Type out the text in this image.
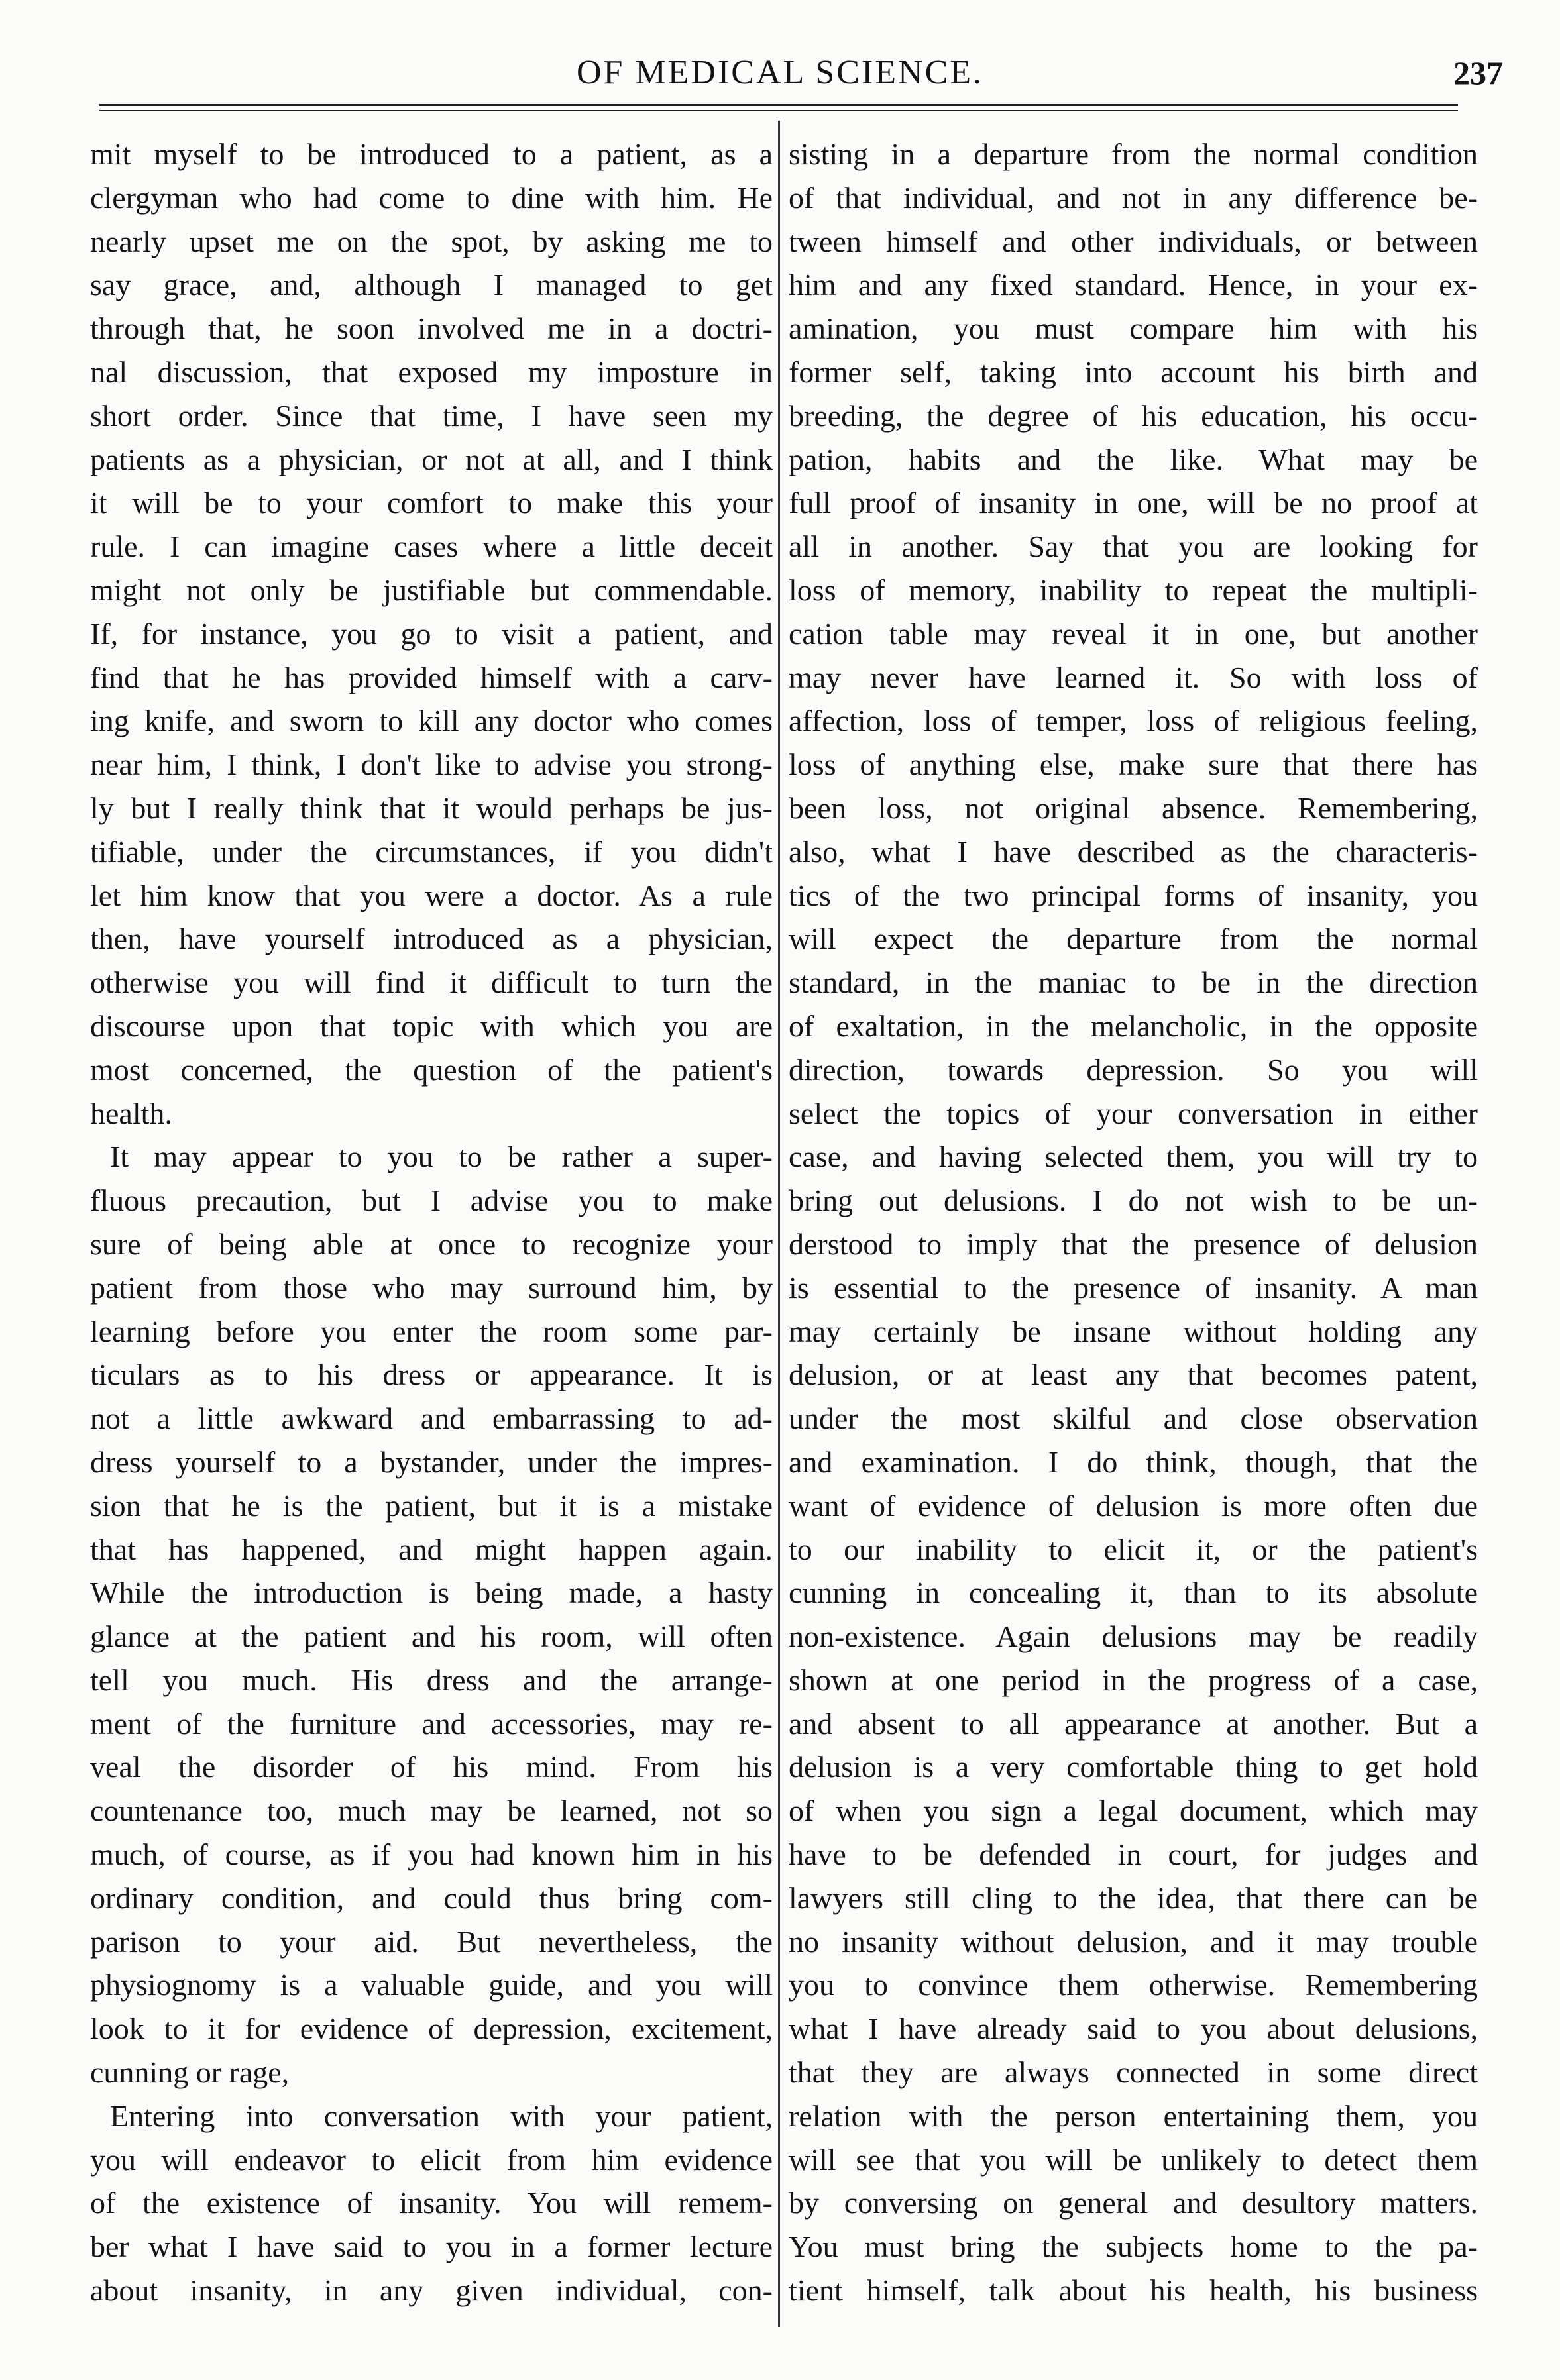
OF MEDICAL SCIENCE.	237
mit myself to be introduced to a patient, as a
clergyman who had come to dine with him. He
nearly upset me on the spot, by asking me to
say grace, and, although I managed to get
through that, he soon involved me in a doctri-
nal discussion, that exposed my imposture in
short order. Since that time, I have seen my
patients as a physician, or not at all, and I think
it will be to your comfort to make this your
rule. I can imagine cases where a little deceit
might not only be justifiable but commendable.
If, for instance, you go to visit a patient, and
find that he has provided himself with a carv-
ing knife, and sworn to kill any doctor who comes
near him, I think, I don't like to advise you strong-
ly but I really think that it would perhaps be jus-
tifiable, under the circumstances, if you didn't
let him know that you were a doctor. As a rule
then, have yourself introduced as a physician,
otherwise you will find it difficult to turn the
discourse upon that topic with which you are
most concerned, the question of the patient's
health.
It may appear to you to be rather a super-
fluous precaution, but I advise you to make
sure of being able at once to recognize your
patient from those who may surround him, by
learning before you enter the room some par-
ticulars as to his dress or appearance. It is
not a little awkward and embarrassing to ad-
dress yourself to a bystander, under the impres-
sion that he is the patient, but it is a mistake
that has happened, and might happen again.
While the introduction is being made, a hasty
glance at the patient and his room, will often
tell you much. His dress and the arrange-
ment of the furniture and accessories, may re-
veal the disorder of his mind. From his
countenance too, much may be learned, not so
much, of course, as if you had known him in his
ordinary condition, and could thus bring com-
parison to your aid. But nevertheless, the
physiognomy is a valuable guide, and you will
look to it for evidence of depression, excitement,
cunning or rage,
Entering into conversation with your patient,
you will endeavor to elicit from him evidence
of the existence of insanity. You will remem-
ber what I have said to you in a former lecture
about insanity, in any given individual, con-
sisting in a departure from the normal condition
of that individual, and not in any difference be-
tween himself and other individuals, or between
him and any fixed standard. Hence, in your ex-
amination, you must compare him with his
former self, taking into account his birth and
breeding, the degree of his education, his occu-
pation, habits and the like. What may be
full proof of insanity in one, will be no proof at
all in another. Say that you are looking for
loss of memory, inability to repeat the multipli-
cation table may reveal it in one, but another
may never have learned it. So with loss of
affection, loss of temper, loss of religious feeling,
loss of anything else, make sure that there has
been loss, not original absence. Remembering,
also, what I have described as the characteris-
tics of the two principal forms of insanity, you
will expect the departure from the normal
standard, in the maniac to be in the direction
of exaltation, in the melancholic, in the opposite
direction, towards depression. So you will
select the topics of your conversation in either
case, and having selected them, you will try to
bring out delusions. I do not wish to be un-
derstood to imply that the presence of delusion
is essential to the presence of insanity. A man
may certainly be insane without holding any
delusion, or at least any that becomes patent,
under the most skilful and close observation
and examination. I do think, though, that the
want of evidence of delusion is more often due
to our inability to elicit it, or the patient's
cunning in concealing it, than to its absolute
non-existence. Again delusions may be readily
shown at one period in the progress of a case,
and absent to all appearance at another. But a
delusion is a very comfortable thing to get hold
of when you sign a legal document, which may
have to be defended in court, for judges and
lawyers still cling to the idea, that there can be
no insanity without delusion, and it may trouble
you to convince them otherwise. Remembering
what I have already said to you about delusions,
that they are always connected in some direct
relation with the person entertaining them, you
will see that you will be unlikely to detect them
by conversing on general and desultory matters.
You must bring the subjects home to the pa-
tient himself, talk about his health, his business
